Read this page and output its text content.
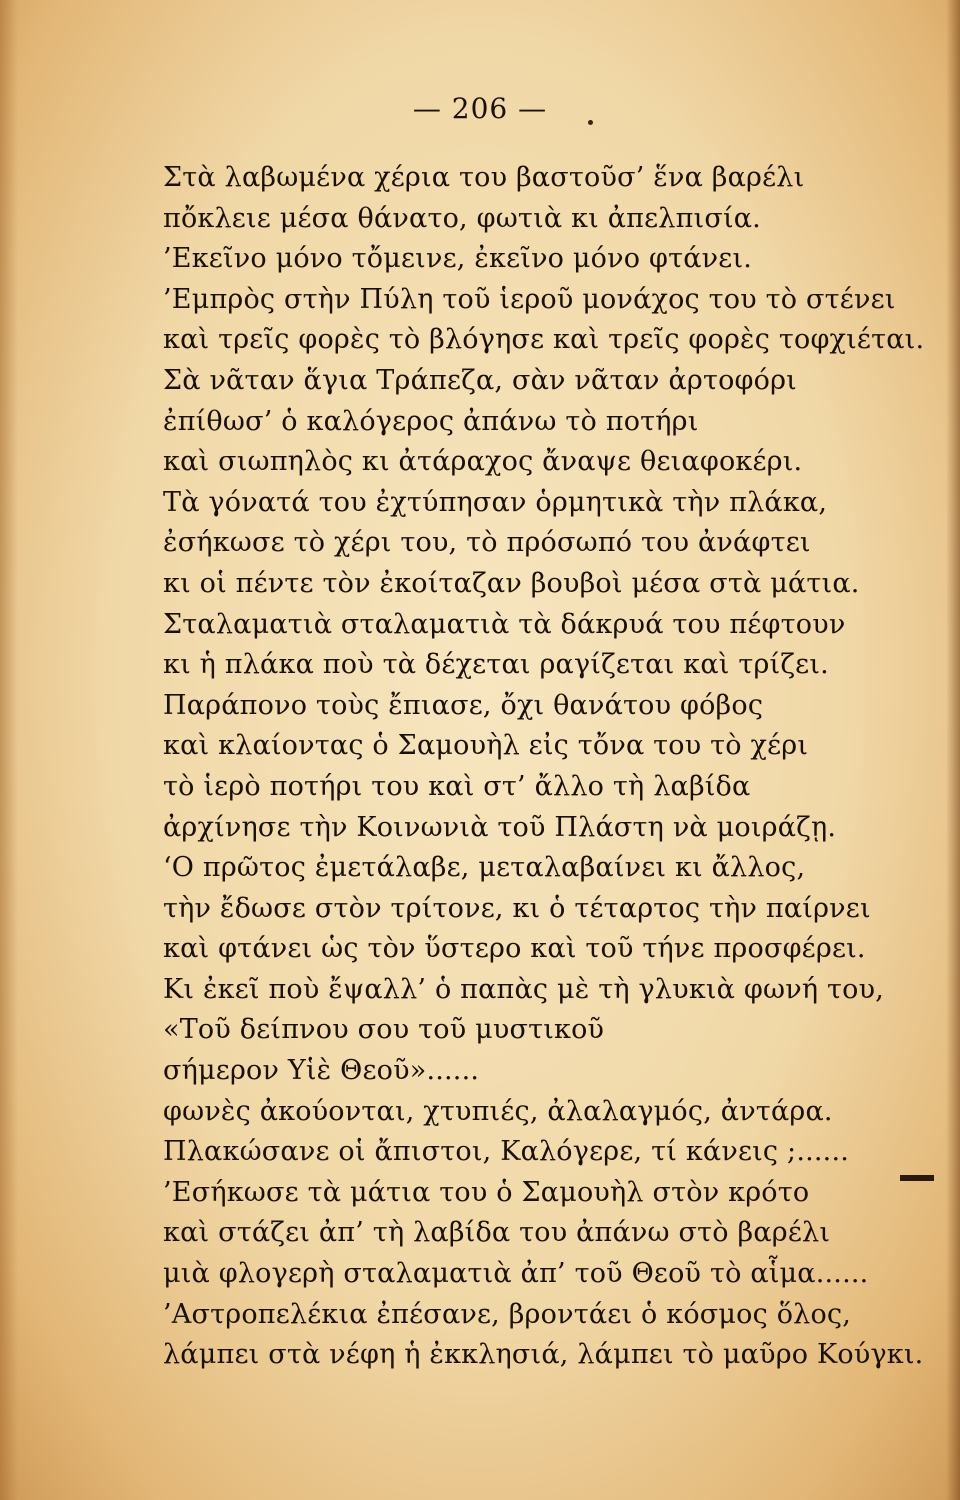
— 206 —
Στὰ λαβωμένα χέρια του βαστοῦσ’ ἕνα βαρέλι
πὄκλειε μέσα θάνατο, φωτιὰ κι ἀπελπισία.
’Εκεῖνο μόνο τὄμεινε, ἐκεῖνο μόνο φτάνει.
’Εμπρὸς στὴν Πύλη τοῦ ἱεροῦ μονάχος του τὸ στένει
καὶ τρεῖς φορὲς τὸ βλόγησε καὶ τρεῖς φορὲς τοφχιέται.
Σὰ νᾶταν ἅγια Τράπεζα, σὰν νᾶταν ἀρτοφόρι
ἐπίθωσ’ ὁ καλόγερος ἀπάνω τὸ ποτήρι
καὶ σιωπηλὸς κι ἀτάραχος ἄναψε θειαφοκέρι.
Τὰ γόνατά του ἐχτύπησαν ὁρμητικὰ τὴν πλάκα,
ἐσήκωσε τὸ χέρι του, τὸ πρόσωπό του ἀνάφτει
κι οἱ πέντε τὸν ἐκοίταζαν βουβοὶ μέσα στὰ μάτια.
Σταλαματιὰ σταλαματιὰ τὰ δάκρυά του πέφτουν
κι ἡ πλάκα ποὺ τὰ δέχεται ραγίζεται καὶ τρίζει.
Παράπονο τοὺς ἔπιασε, ὄχι θανάτου φόβος
καὶ κλαίοντας ὁ Σαμουὴλ εἰς τὄνα του τὸ χέρι
τὸ ἱερὸ ποτήρι του καὶ στ’ ἄλλο τὴ λαβίδα
ἀρχίνησε τὴν Κοινωνιὰ τοῦ Πλάστη νὰ μοιράζῃ.
‘Ο πρῶτος ἐμετάλαβε, μεταλαβαίνει κι ἄλλος,
τὴν ἔδωσε στὸν τρίτονε, κι ὁ τέταρτος τὴν παίρνει
καὶ φτάνει ὡς τὸν ὕστερο καὶ τοῦ τήνε προσφέρει.
Κι ἐκεῖ ποὺ ἔψαλλ’ ὁ παπὰς μὲ τὴ γλυκιὰ φωνή του,
«Τοῦ δείπνου σου τοῦ μυστικοῦ
σήμερον Υἱὲ Θεοῦ»......
φωνὲς ἀκούονται, χτυπιές, ἀλαλαγμός, ἀντάρα.
Πλακώσανε οἱ ἄπιστοι, Καλόγερε, τί κάνεις ;......
’Εσήκωσε τὰ μάτια του ὁ Σαμουὴλ στὸν κρότο
καὶ στάζει ἀπ’ τὴ λαβίδα του ἀπάνω στὸ βαρέλι
μιὰ φλογερὴ σταλαματιὰ ἀπ’ τοῦ Θεοῦ τὸ αἷμα......
’Αστροπελέκια ἐπέσανε, βροντάει ὁ κόσμος ὅλος,
λάμπει στὰ νέφη ἡ ἐκκλησιά, λάμπει τὸ μαῦρο Κούγκι.
